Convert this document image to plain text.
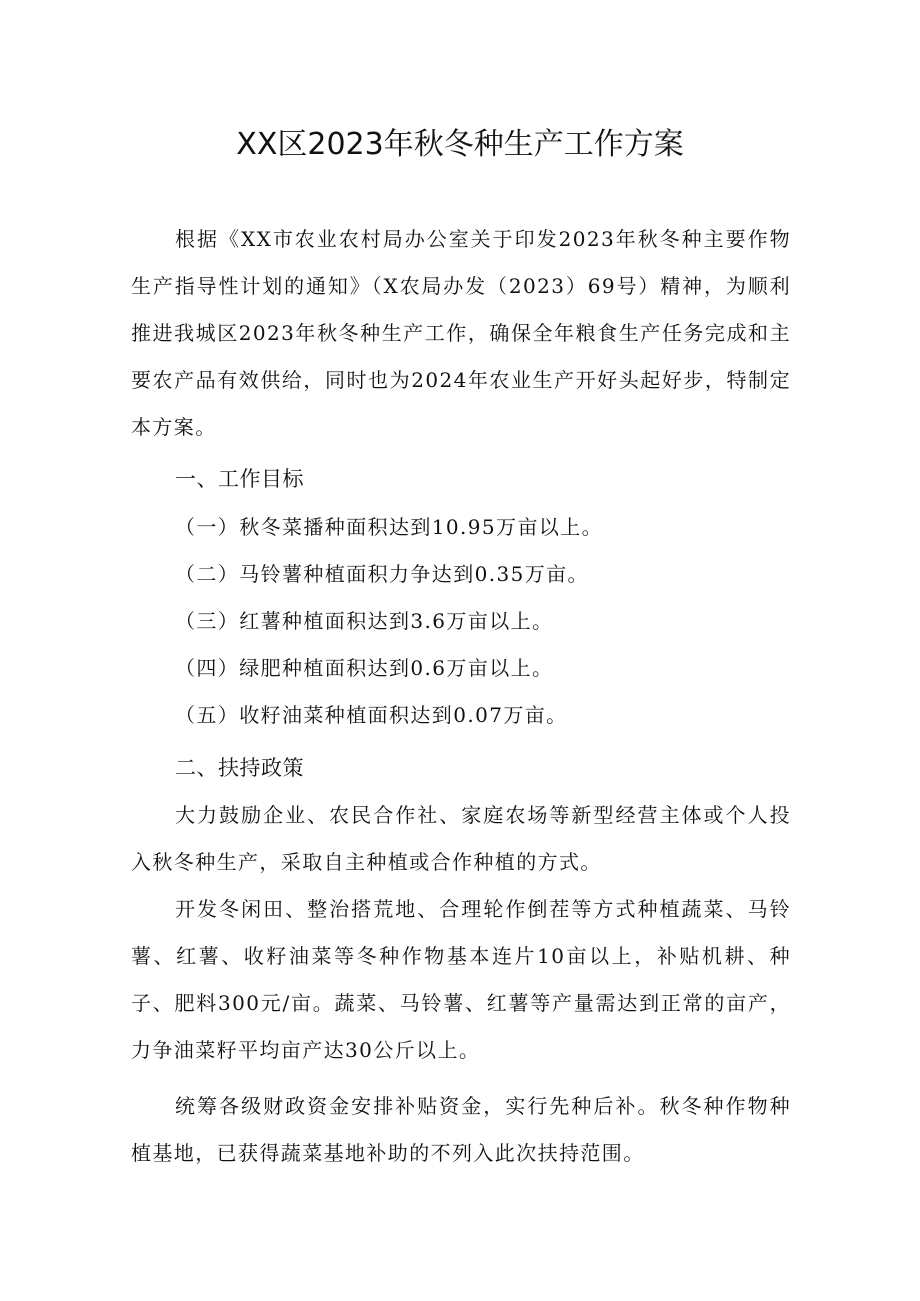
XX区2023年秋冬种生产工作方案

根据《XX市农业农村局办公室关于印发2023年秋冬种主要作物生产指导性计划的通知》（X农局办发（2023）69号）精神，为顺利推进我城区2023年秋冬种生产工作，确保全年粮食生产任务完成和主要农产品有效供给，同时也为2024年农业生产开好头起好步，特制定本方案。

一、工作目标

（一）秋冬菜播种面积达到10.95万亩以上。

（二）马铃薯种植面积力争达到0.35万亩。

（三）红薯种植面积达到3.6万亩以上。

（四）绿肥种植面积达到0.6万亩以上。

（五）收籽油菜种植面积达到0.07万亩。

二、扶持政策

大力鼓励企业、农民合作社、家庭农场等新型经营主体或个人投入秋冬种生产，采取自主种植或合作种植的方式。

开发冬闲田、整治搭荒地、合理轮作倒茬等方式种植蔬菜、马铃薯、红薯、收籽油菜等冬种作物基本连片10亩以上，补贴机耕、种子、肥料300元/亩。蔬菜、马铃薯、红薯等产量需达到正常的亩产，力争油菜籽平均亩产达30公斤以上。

统筹各级财政资金安排补贴资金，实行先种后补。秋冬种作物种植基地，已获得蔬菜基地补助的不列入此次扶持范围。
